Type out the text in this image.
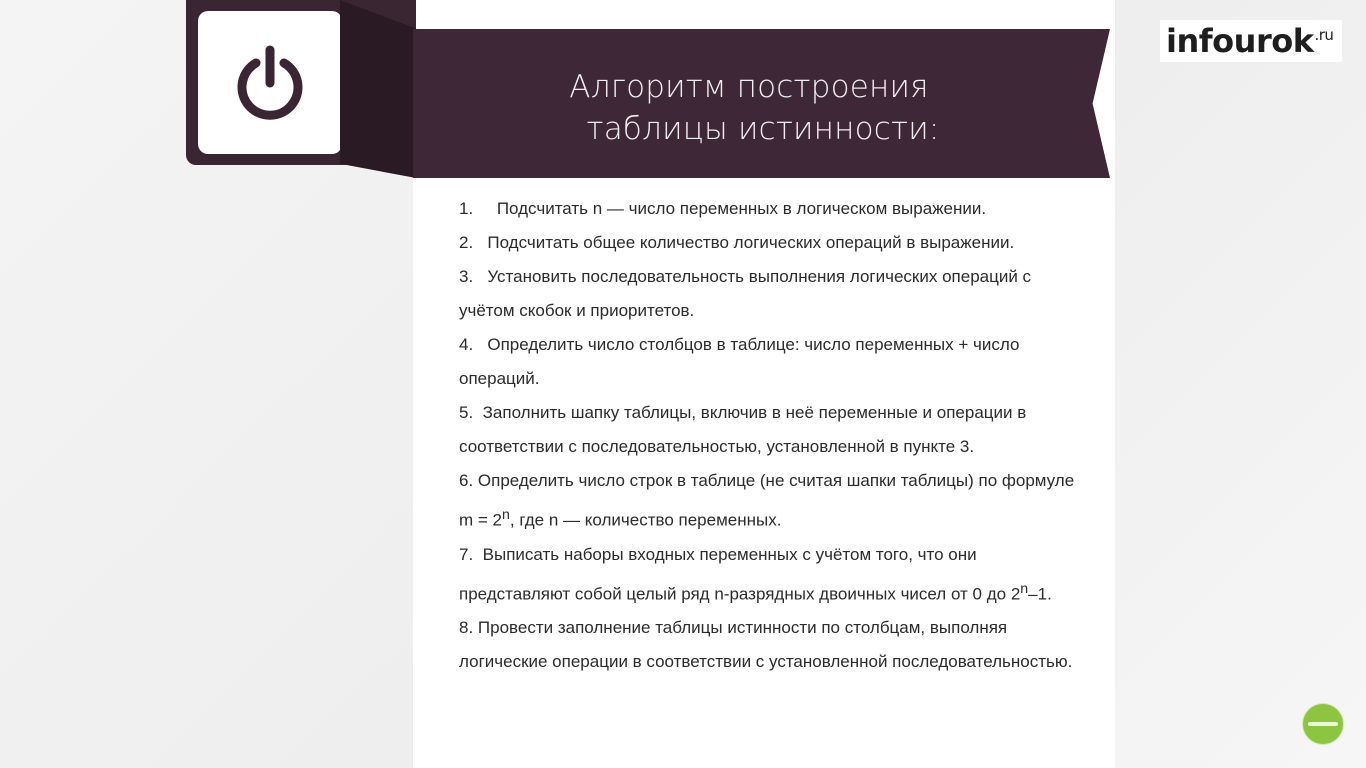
Алгоритм построения
таблицы истинности:
infourok$^{.ru}$

1. Подсчитать n — число переменных в логическом выражении.

2. Подсчитать общее количество логических операций в выражении.

3. Установить последовательность выполнения логических операций с учётом скобок и приоритетов.

4. Определить число столбцов в таблице: число переменных + число операций.

5. Заполнить шапку таблицы, включив в неё переменные и операции в соответствии с последовательностью, установленной в пункте 3.

6. Определить число строк в таблице (не считая шапки таблицы) по формуле $m = 2^n$, где n — количество переменных.

7. Выписать наборы входных переменных с учётом того, что они представляют собой целый ряд n-разрядных двоичных чисел от 0 до 2$^n$–1.

8. Провести заполнение таблицы истинности по столбцам, выполняя логические операции в соответствии с установленной последовательностью.
